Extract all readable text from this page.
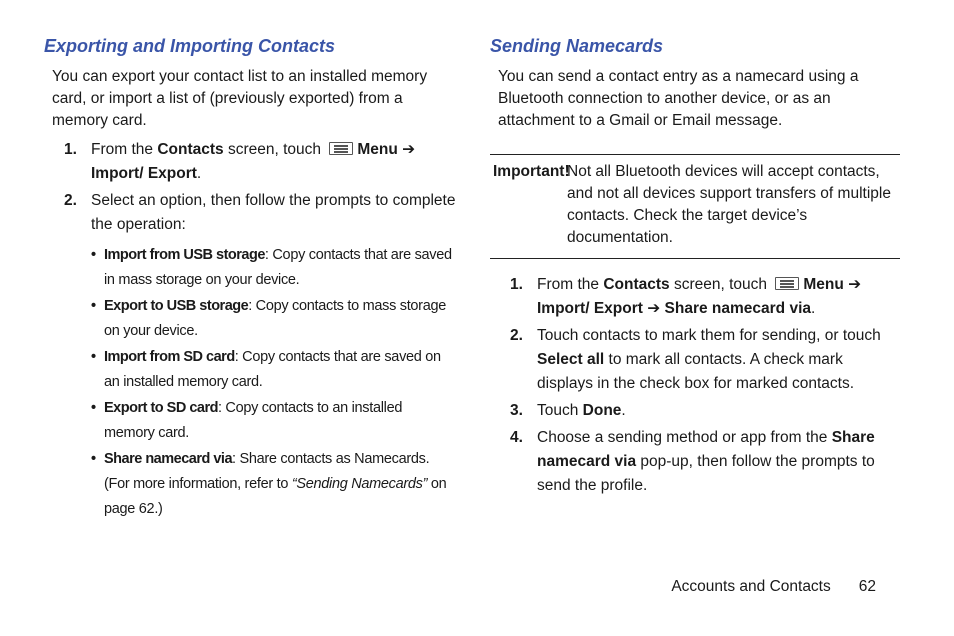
Exporting and Importing Contacts

You can export your contact list to an installed memory card, or import a list of (previously exported) from a memory card.

1. From the Contacts screen, touch Menu ➔ Import/ Export.
2. Select an option, then follow the prompts to complete the operation:
• Import from USB storage: Copy contacts that are saved in mass storage on your device.
• Export to USB storage: Copy contacts to mass storage on your device.
• Import from SD card: Copy contacts that are saved on an installed memory card.
• Export to SD card: Copy contacts to an installed memory card.
• Share namecard via: Share contacts as Namecards. (For more information, refer to “Sending Namecards” on page 62.)
Sending Namecards

You can send a contact entry as a namecard using a Bluetooth connection to another device, or as an attachment to a Gmail or Email message.

Important!
Not all Bluetooth devices will accept contacts, and not all devices support transfers of multiple contacts. Check the target device’s documentation.
1. From the Contacts screen, touch Menu ➔ Import/ Export ➔ Share namecard via.
2. Touch contacts to mark them for sending, or touch Select all to mark all contacts. A check mark displays in the check box for marked contacts.
3. Touch Done.
4. Choose a sending method or app from the Share namecard via pop-up, then follow the prompts to send the profile.
Accounts and Contacts 62
